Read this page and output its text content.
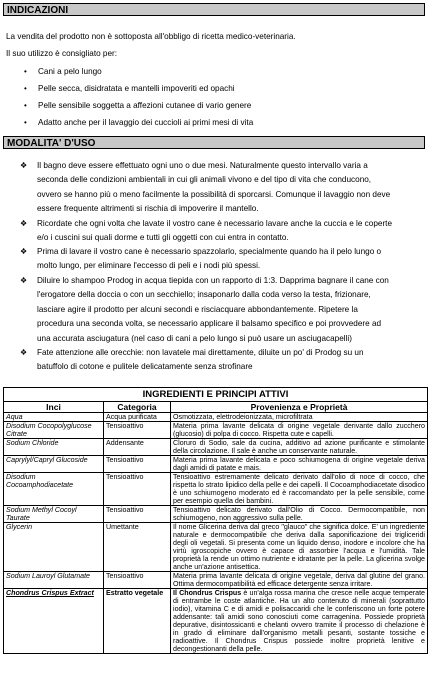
INDICAZIONI
La vendita del prodotto non è sottoposta all'obbligo di ricetta medico-veterinaria.
Il suo utilizzo è consigliato per:
• Cani a pelo lungo
• Pelle secca, disidratata e mantelli impoveriti ed opachi
• Pelle sensibile soggetta a affezioni cutanee di vario genere
• Adatto anche per il lavaggio dei cuccioli ai primi mesi di vita
MODALITA' D'USO
❖ Il bagno deve essere effettuato ogni uno o due mesi. Naturalmente questo intervallo varia a
seconda delle condizioni ambientali in cui gli animali vivono e del tipo di vita che conducono,
ovvero se hanno più o meno facilmente la possibilità di sporcarsi. Comunque il lavaggio non deve
essere frequente altrimenti si rischia di impoverire il mantello.
❖ Ricordate che ogni volta che lavate il vostro cane è necessario lavare anche la cuccia e le coperte
e/o i cuscini sui quali dorme e tutti gli oggetti con cui entra in contatto.
❖ Prima di lavare il vostro cane è necessario spazzolarlo, specialmente quando ha il pelo lungo o
molto lungo, per eliminare l'eccesso di peli e i nodi più spessi.
❖ Diluire lo shampoo Prodog in acqua tiepida con un rapporto di 1:3. Dapprima bagnare il cane con
l'erogatore della doccia o con un secchiello; insaponarlo dalla coda verso la testa, frizionare,
lasciare agire il prodotto per alcuni secondi e risciacquare abbondantemente. Ripetere la
procedura una seconda volta, se necessario applicare il balsamo specifico e poi provvedere ad
una accurata asciugatura (nel caso di cani a pelo lungo si può usare un asciugacapelli)
❖ Fate attenzione alle orecchie: non lavatele mai direttamente, diluite un po' di Prodog su un
batuffolo di cotone e pulitele delicatamente senza strofinare
INGREDIENTI E PRINCIPI ATTIVI		
Inci	Categoria	Provenienza e Proprietà
Aqua	Acqua purificata	Osmotizzata, elettrodeionizzata, microfiltrata
Disodium Cocopolyglucose Citrate	Tensioattivo	Materia prima lavante delicata di origine vegetale derivante dallo zucchero (glucosio) di polpa di cocco. Rispetta cute e capelli.
Sodium Chloride	Addensante	Cloruro di Sodio, sale da cucina, additivo ad azione purificante e stimolante della circolazione. Il sale è anche un conservante naturale.
Caprylyl/Capryl Glucoside	Tensioattivo	Materia prima lavante delicata e poco schiumogena di origine vegetale deriva dagli amidi di patate e mais.
Disodium Cocoamphodiacetate	Tensioattivo	Tensioattivo estremamente delicato derivato dall'olio di noce di cocco, che rispetta lo strato lipidico della pelle e dei capelli. Il Cocoamphodiacetate disodico è uno schiumogeno moderato ed è raccomandato per la pelle sensibile, come per esempio quella dei bambini.
Sodium Methyl Cocoyl Taurate	Tensioattivo	Tensioattivo delicato derivato dall'Olio di Cocco. Dermocompatibile, non schiumogeno, non aggressivo sulla pelle.
Glycerin	Umettante	Il nome Glicerina deriva dal greco "glauco" che significa dolce. E' un ingrediente naturale e dermocompatibile che deriva dalla saponificazione dei trigliceridi degli oli vegetali. Si presenta come un liquido denso, inodore e incolore che ha virtù igroscopiche ovvero è capace di assorbire l'acqua e l'umidità. Tale proprietà la rende un ottimo nutriente e idratante per la pelle. La glicerina svolge anche un'azione antisettica.
Sodium Lauroyl Glutamate	Tensioattivo	Materia prima lavante delicata di origine vegetale, deriva dal glutine del grano. Ottima dermocompatibilità ed efficace detergente senza irritare.
Chondrus Crispus Extract	Estratto vegetale	Il Chondrus Crispus è un'alga rossa marina che cresce nelle acque temperate di entrambe le coste atlantiche. Ha un alto contenuto di minerali (soprattutto iodio), vitamina C e di amidi e polisaccaridi che le conferiscono un forte potere addensante: tali amidi sono conosciuti come carragenina. Possiede proprietà depurative, disintossicanti e chelanti ovvero tramite il processo di chelazione è in grado di eliminare dall'organismo metalli pesanti, sostante tossiche e radioattive. Il Chondrus Crispus possiede inoltre proprietà lenitive e decongestionanti della pelle.
